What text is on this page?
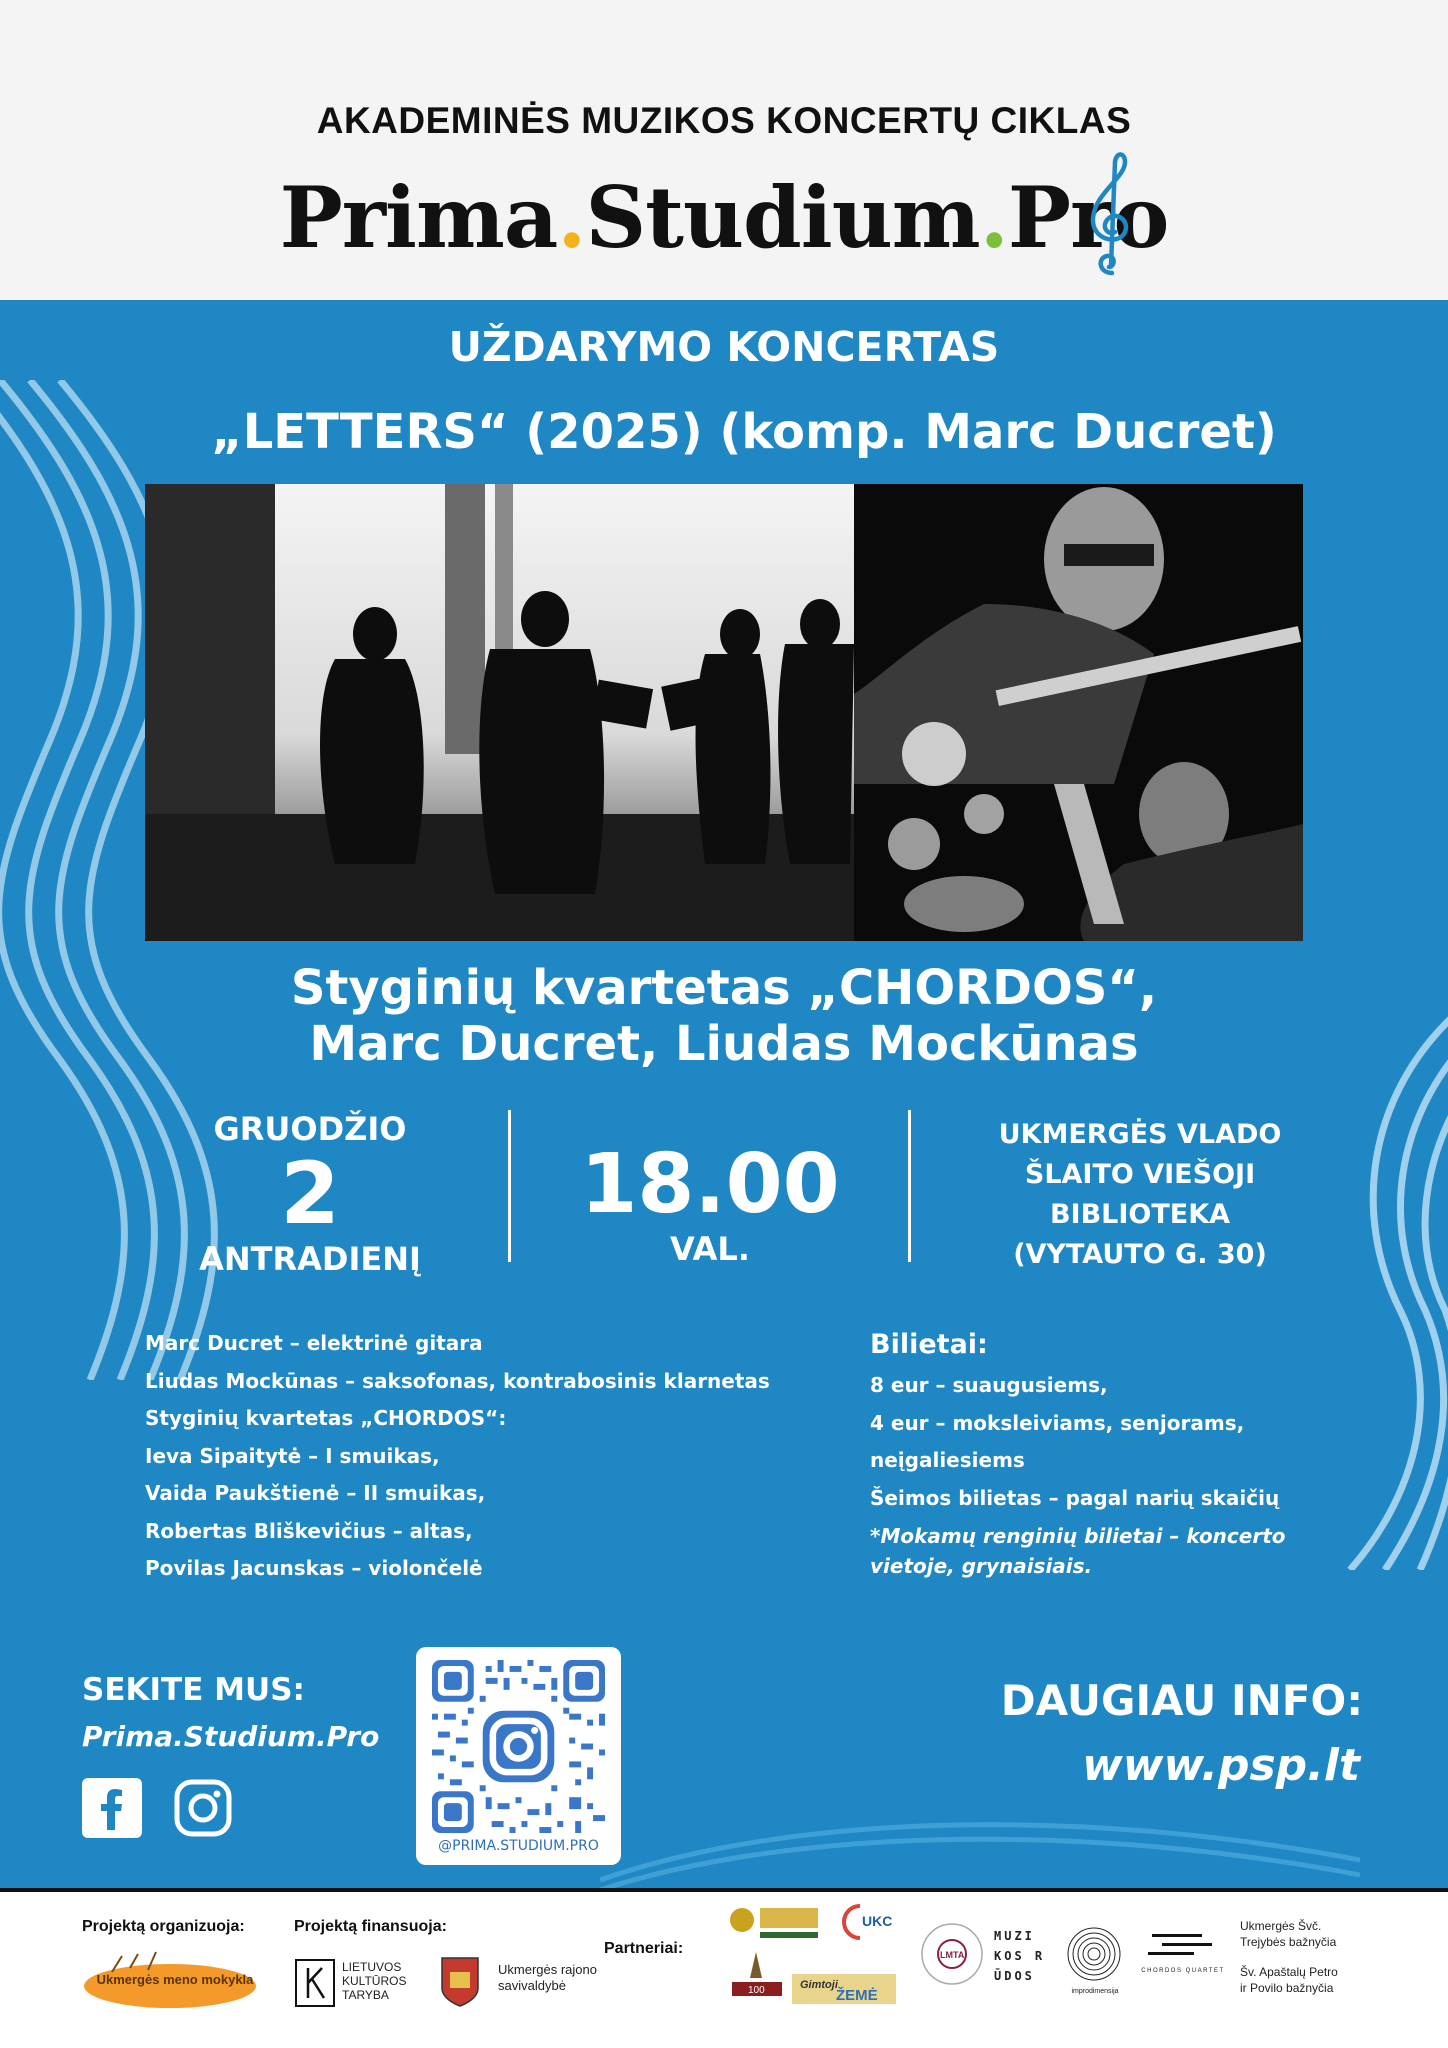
AKADEMINĖS MUZIKOS KONCERTŲ CIKLAS
Prima.Studium.Pro
UŽDARYMO KONCERTAS
„LETTERS“ (2025) (komp. Marc Ducret)
Styginių kvartetas „CHORDOS“,
Marc Ducret, Liudas Mockūnas
GRUODŽIO
2
ANTRADIENĮ
18.00
VAL.
UKMERGĖS VLADO
ŠLAITO VIEŠOJI
BIBLIOTEKA
(VYTAUTO G. 30)
Marc Ducret – elektrinė gitara
Liudas Mockūnas – saksofonas, kontrabosinis klarnetas
Styginių kvartetas „CHORDOS“:
Ieva Sipaitytė – I smuikas,
Vaida Paukštienė – II smuikas,
Robertas Bliškevičius – altas,
Povilas Jacunskas – violončelė
Bilietai:
8 eur – suaugusiems,
4 eur – moksleiviams, senjorams,
neįgaliesiems
Šeimos bilietas – pagal narių skaičių
*Mokamų renginių bilietai – koncerto
vietoje, grynaisiais.
SEKITE MUS:
Prima.Studium.Pro
@PRIMA.STUDIUM.PRO
DAUGIAU INFO:
www.psp.lt
Projektą organizuoja:	Projektą finansuoja:
Partneriai:
Ukmergės meno mokykla
LIETUVOS
KULTŪROS
TARYBA
Ukmergės rajono
savivaldybė
UKC
100	Gimtoji
ŽEMĖ
LMTA
MUZI
KOS R
ŪDOS
improdimensija
CHORDOS QUARTET
Ukmergės Švč.
Trejybės bažnyčia
Šv. Apaštalų Petro
ir Povilo bažnyčia
